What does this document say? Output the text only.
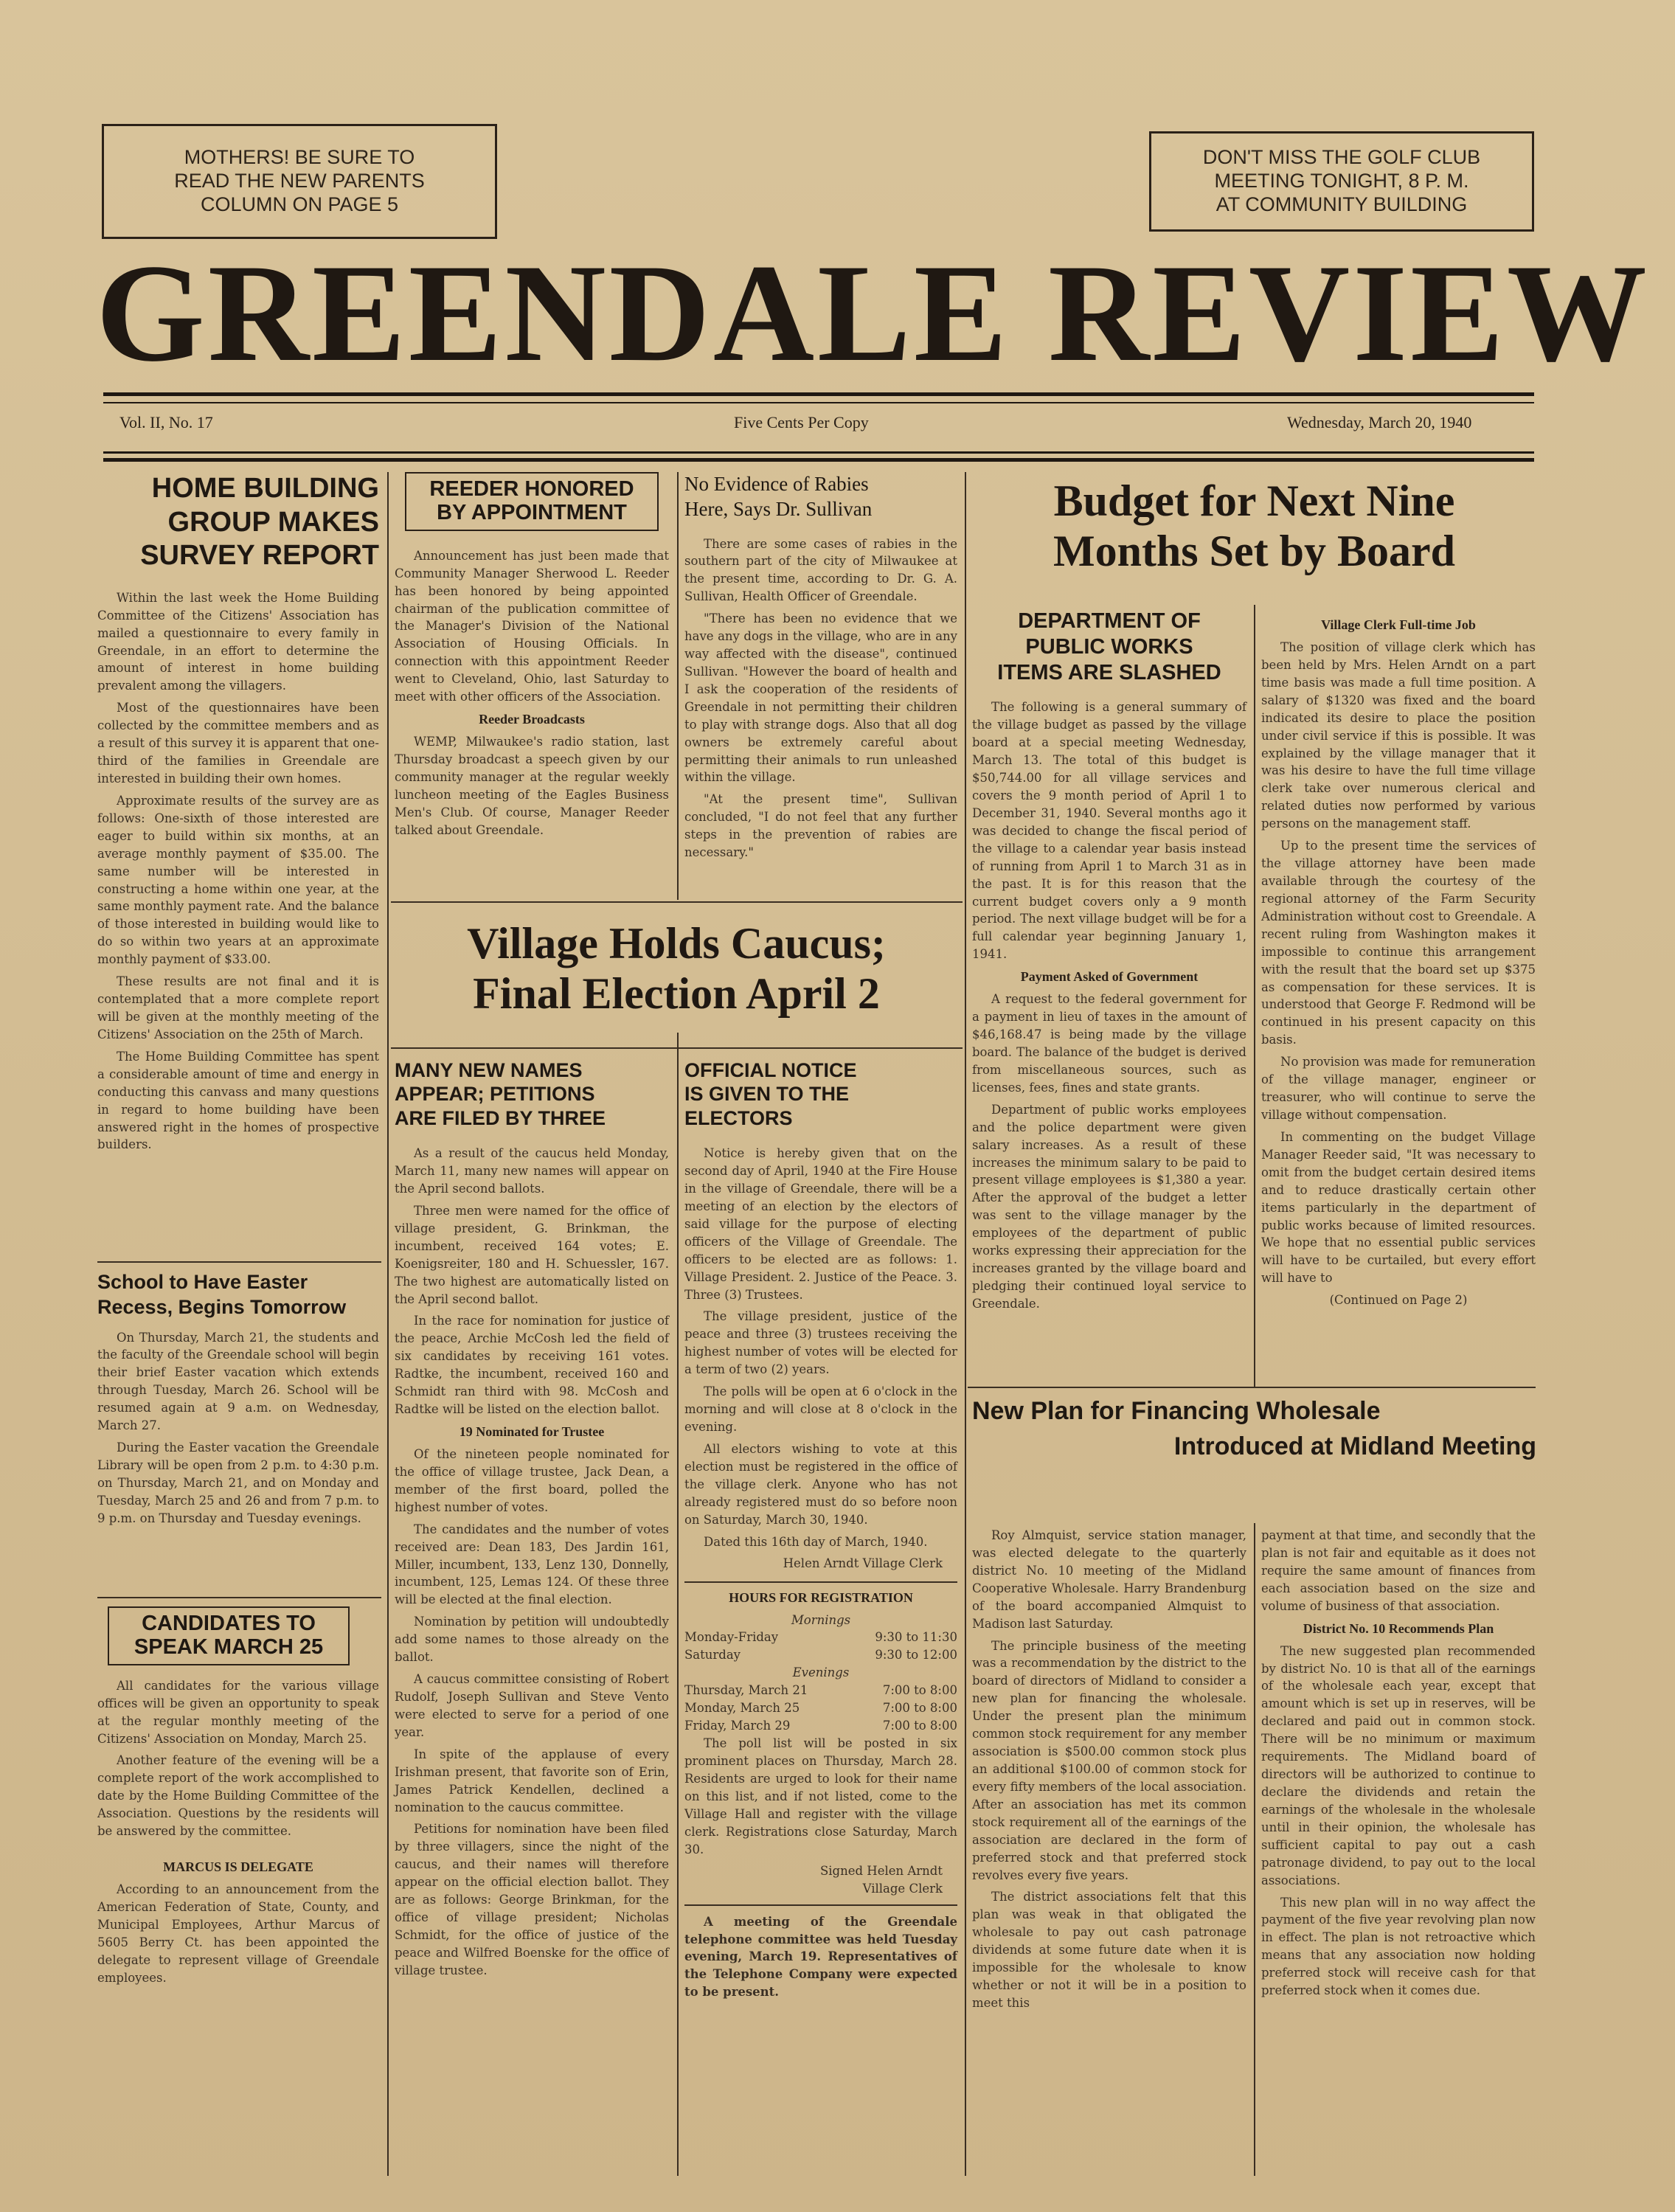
MOTHERS! BE SURE TO
READ THE NEW PARENTS
COLUMN ON PAGE 5
DON'T MISS THE GOLF CLUB
MEETING TONIGHT, 8 P. M.
AT COMMUNITY BUILDING
GREENDALE REVIEW
Vol. II, No. 17	Five Cents Per Copy	Wednesday, March 20, 1940
HOME BUILDING
GROUP MAKES
SURVEY REPORT

Within the last week the Home Building Committee of the Citizens' Association has mailed a questionnaire to every family in Greendale, in an effort to determine the amount of interest in home building prevalent among the villagers.

Most of the questionnaires have been collected by the committee members and as a result of this survey it is apparent that one-third of the families in Greendale are interested in building their own homes.

Approximate results of the survey are as follows: One-sixth of those interested are eager to build within six months, at an average monthly payment of $35.00. The same number will be interested in constructing a home within one year, at the same monthly payment rate. And the balance of those interested in building would like to do so within two years at an approximate monthly payment of $33.00.

These results are not final and it is contemplated that a more complete report will be given at the monthly meeting of the Citizens' Association on the 25th of March.

The Home Building Committee has spent a considerable amount of time and energy in conducting this canvass and many questions in regard to home building have been answered right in the homes of prospective builders.

School to Have Easter
Recess, Begins Tomorrow

On Thursday, March 21, the students and the faculty of the Greendale school will begin their brief Easter vacation which extends through Tuesday, March 26. School will be resumed again at 9 a.m. on Wednesday, March 27.

During the Easter vacation the Greendale Library will be open from 2 p.m. to 4:30 p.m. on Thursday, March 21, and on Monday and Tuesday, March 25 and 26 and from 7 p.m. to 9 p.m. on Thursday and Tuesday evenings.

CANDIDATES TO
SPEAK MARCH 25

All candidates for the various village offices will be given an opportunity to speak at the regular monthly meeting of the Citizens' Association on Monday, March 25.

Another feature of the evening will be a complete report of the work accomplished to date by the Home Building Committee of the Association. Questions by the residents will be answered by the committee.

MARCUS IS DELEGATE

According to an announcement from the American Federation of State, County, and Municipal Employees, Arthur Marcus of 5605 Berry Ct. has been appointed the delegate to represent village of Greendale employees.

REEDER HONORED
BY APPOINTMENT

Announcement has just been made that Community Manager Sherwood L. Reeder has been honored by being appointed chairman of the publication committee of the Manager's Division of the National Association of Housing Officials. In connection with this appointment Reeder went to Cleveland, Ohio, last Saturday to meet with other officers of the Association.

Reeder Broadcasts

WEMP, Milwaukee's radio station, last Thursday broadcast a speech given by our community manager at the regular weekly luncheon meeting of the Eagles Business Men's Club. Of course, Manager Reeder talked about Greendale.

No Evidence of Rabies
Here, Says Dr. Sullivan

There are some cases of rabies in the southern part of the city of Milwaukee at the present time, according to Dr. G. A. Sullivan, Health Officer of Greendale.

"There has been no evidence that we have any dogs in the village, who are in any way affected with the disease", continued Sullivan. "However the board of health and I ask the cooperation of the residents of Greendale in not permitting their children to play with strange dogs. Also that all dog owners be extremely careful about permitting their animals to run unleashed within the village.

"At the present time", Sullivan concluded, "I do not feel that any further steps in the prevention of rabies are necessary."

Village Holds Caucus;
Final Election April 2
MANY NEW NAMES
APPEAR; PETITIONS
ARE FILED BY THREE

As a result of the caucus held Monday, March 11, many new names will appear on the April second ballots.

Three men were named for the office of village president, G. Brinkman, the incumbent, received 164 votes; E. Koenigsreiter, 180 and H. Schuessler, 167. The two highest are automatically listed on the April second ballot.

In the race for nomination for justice of the peace, Archie McCosh led the field of six candidates by receiving 161 votes. Radtke, the incumbent, received 160 and Schmidt ran third with 98. McCosh and Radtke will be listed on the election ballot.

19 Nominated for Trustee

Of the nineteen people nominated for the office of village trustee, Jack Dean, a member of the first board, polled the highest number of votes.

The candidates and the number of votes received are: Dean 183, Des Jardin 161, Miller, incumbent, 133, Lenz 130, Donnelly, incumbent, 125, Lemas 124. Of these three will be elected at the final election.

Nomination by petition will undoubtedly add some names to those already on the ballot.

A caucus committee consisting of Robert Rudolf, Joseph Sullivan and Steve Vento were elected to serve for a period of one year.

In spite of the applause of every Irishman present, that favorite son of Erin, James Patrick Kendellen, declined a nomination to the caucus committee.

Petitions for nomination have been filed by three villagers, since the night of the caucus, and their names will therefore appear on the official election ballot. They are as follows: George Brinkman, for the office of village president; Nicholas Schmidt, for the office of justice of the peace and Wilfred Boenske for the office of village trustee.

OFFICIAL NOTICE
IS GIVEN TO THE
ELECTORS

Notice is hereby given that on the second day of April, 1940 at the Fire House in the village of Greendale, there will be a meeting of an election by the electors of said village for the purpose of electing officers of the Village of Greendale. The officers to be elected are as follows: 1. Village President. 2. Justice of the Peace. 3. Three (3) Trustees.

The village president, justice of the peace and three (3) trustees receiving the highest number of votes will be elected for a term of two (2) years.

The polls will be open at 6 o'clock in the morning and will close at 8 o'clock in the evening.

All electors wishing to vote at this election must be registered in the office of the village clerk. Anyone who has not already registered must do so before noon on Saturday, March 30, 1940.

Dated this 16th day of March, 1940.

Helen Arndt Village Clerk
HOURS FOR REGISTRATION
Mornings
Monday-Friday	9:30 to 11:30
Saturday	9:30 to 12:00
Evenings
Thursday, March 21	7:00 to 8:00
Monday, March 25	7:00 to 8:00
Friday, March 29	7:00 to 8:00

The poll list will be posted in six prominent places on Thursday, March 28. Residents are urged to look for their name on this list, and if not listed, come to the Village Hall and register with the village clerk. Registrations close Saturday, March 30.

Signed Helen Arndt
Village Clerk

A meeting of the Greendale telephone committee was held Tuesday evening, March 19. Representatives of the Telephone Company were expected to be present.

Budget for Next Nine
Months Set by Board
DEPARTMENT OF
PUBLIC WORKS
ITEMS ARE SLASHED

The following is a general summary of the village budget as passed by the village board at a special meeting Wednesday, March 13. The total of this budget is $50,744.00 for all village services and covers the 9 month period of April 1 to December 31, 1940. Several months ago it was decided to change the fiscal period of the village to a calendar year basis instead of running from April 1 to March 31 as in the past. It is for this reason that the current budget covers only a 9 month period. The next village budget will be for a full calendar year beginning January 1, 1941.

Payment Asked of Government

A request to the federal government for a payment in lieu of taxes in the amount of $46,168.47 is being made by the village board. The balance of the budget is derived from miscellaneous sources, such as licenses, fees, fines and state grants.

Department of public works employees and the police department were given salary increases. As a result of these increases the minimum salary to be paid to present village employees is $1,380 a year. After the approval of the budget a letter was sent to the village manager by the employees of the department of public works expressing their appreciation for the increases granted by the village board and pledging their continued loyal service to Greendale.

Village Clerk Full-time Job

The position of village clerk which has been held by Mrs. Helen Arndt on a part time basis was made a full time position. A salary of $1320 was fixed and the board indicated its desire to place the position under civil service if this is possible. It was explained by the village manager that it was his desire to have the full time village clerk take over numerous clerical and related duties now performed by various persons on the management staff.

Up to the present time the services of the village attorney have been made available through the courtesy of the regional attorney of the Farm Security Administration without cost to Greendale. A recent ruling from Washington makes it impossible to continue this arrangement with the result that the board set up $375 as compensation for these services. It is understood that George F. Redmond will be continued in his present capacity on this basis.

No provision was made for remuneration of the village manager, engineer or treasurer, who will continue to serve the village without compensation.

In commenting on the budget Village Manager Reeder said, "It was necessary to omit from the budget certain desired items and to reduce drastically certain other items particularly in the department of public works because of limited resources. We hope that no essential public services will have to be curtailed, but every effort will have to

(Continued on Page 2)
New Plan for Financing Wholesale
Introduced at Midland Meeting

Roy Almquist, service station manager, was elected delegate to the quarterly district No. 10 meeting of the Midland Cooperative Wholesale. Harry Brandenburg of the board accompanied Almquist to Madison last Saturday.

The principle business of the meeting was a recommendation by the district to the board of directors of Midland to consider a new plan for financing the wholesale. Under the present plan the minimum common stock requirement for any member association is $500.00 common stock plus an additional $100.00 of common stock for every fifty members of the local association. After an association has met its common stock requirement all of the earnings of the association are declared in the form of preferred stock and that preferred stock revolves every five years.

The district associations felt that this plan was weak in that obligated the wholesale to pay out cash patronage dividends at some future date when it is impossible for the wholesale to know whether or not it will be in a position to meet this

payment at that time, and secondly that the plan is not fair and equitable as it does not require the same amount of finances from each association based on the size and volume of business of that association.

District No. 10 Recommends Plan

The new suggested plan recommended by district No. 10 is that all of the earnings of the wholesale each year, except that amount which is set up in reserves, will be declared and paid out in common stock. There will be no minimum or maximum requirements. The Midland board of directors will be authorized to continue to declare the dividends and retain the earnings of the wholesale in the wholesale until in their opinion, the wholesale has sufficient capital to pay out a cash patronage dividend, to pay out to the local associations.

This new plan will in no way affect the payment of the five year revolving plan now in effect. The plan is not retroactive which means that any association now holding preferred stock will receive cash for that preferred stock when it comes due.
